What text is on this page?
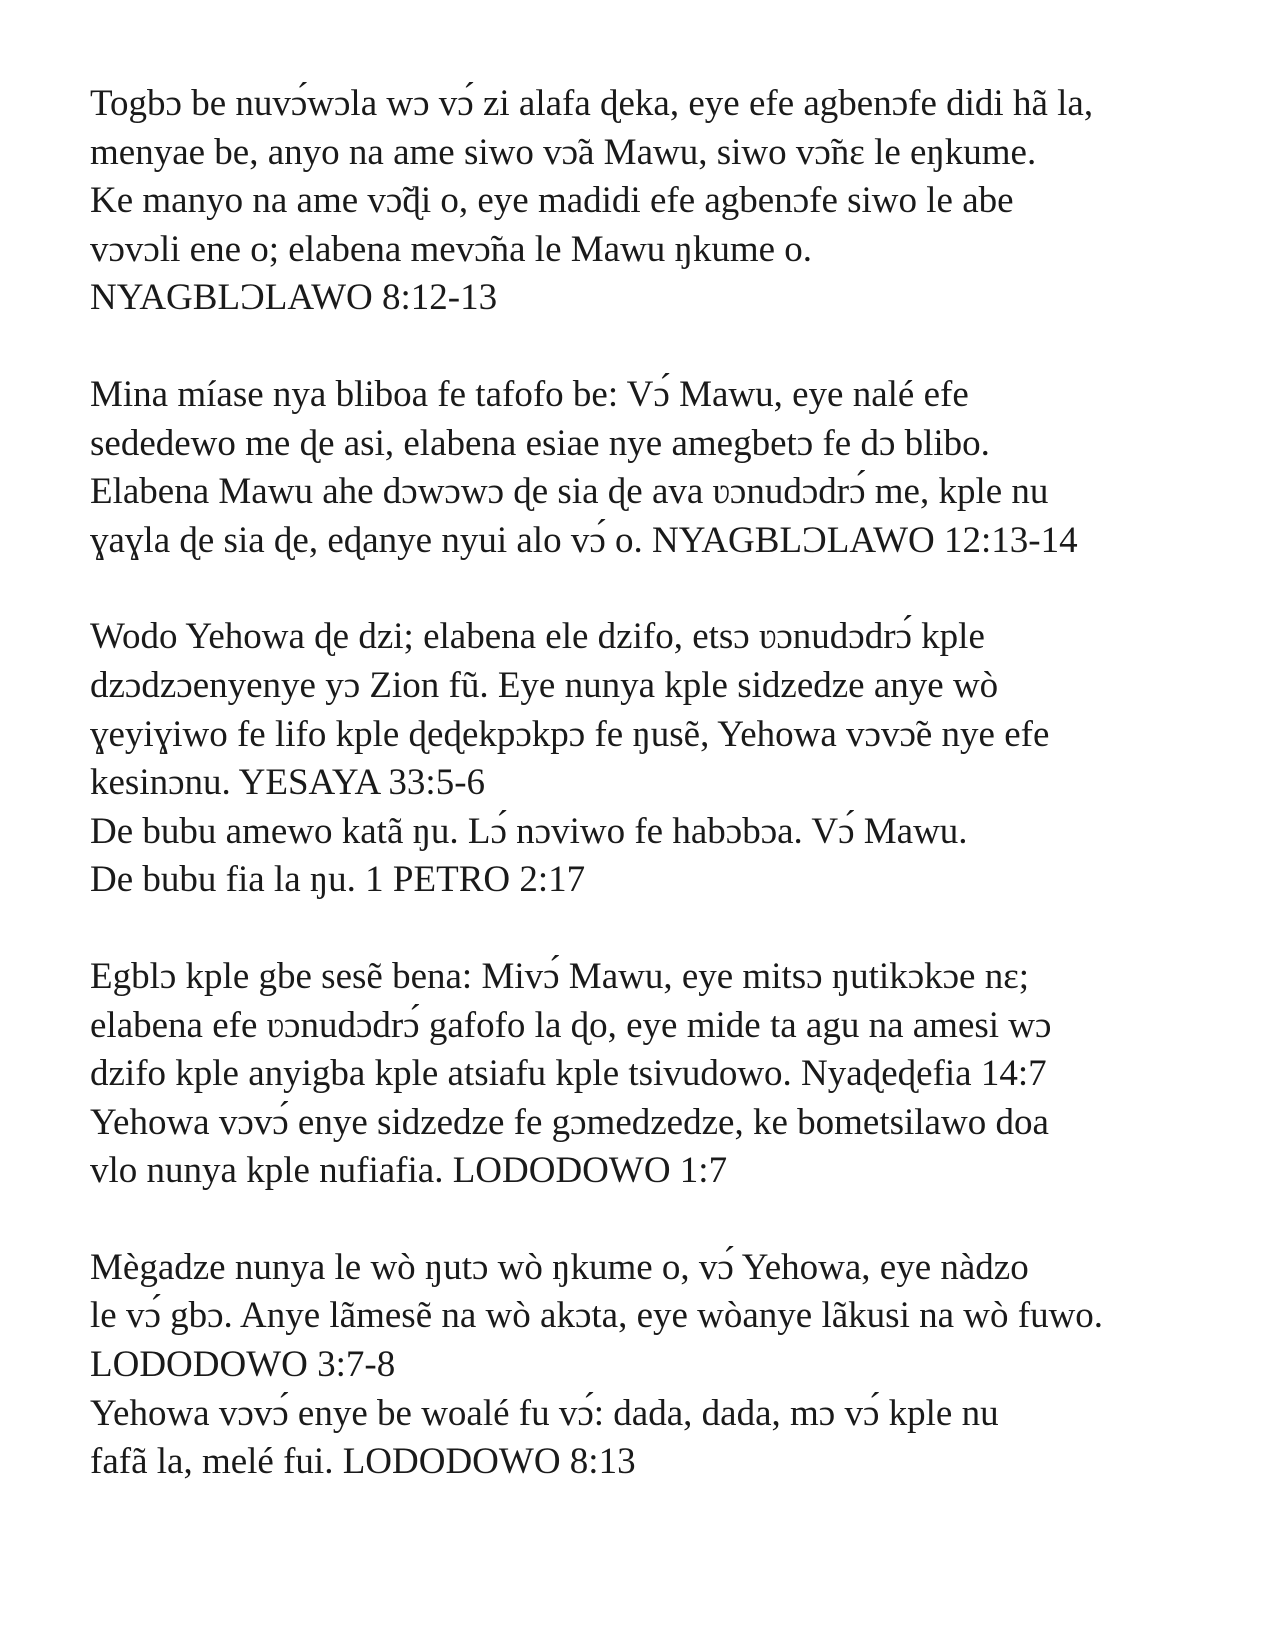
Togbɔ be nuvɔ́wɔla wɔ vɔ́ zi alafa ɖeka, eye efe agbenɔfe didi hã la,
menyae be, anyo na ame siwo vɔ̃a Mawu, siwo vɔ̃nɛ le eŋkume.
Ke manyo na ame vɔ̃ɖi o, eye madidi efe agbenɔfe siwo le abe
vɔvɔli ene o; elabena mevɔ̃na le Mawu ŋkume o.
NYAGBLƆLAWO 8:12-13
Mina míase nya bliboa fe tafofo be: Vɔ́ Mawu, eye nalé efe
sededewo me ɖe asi, elabena esiae nye amegbetɔ fe dɔ blibo.
Elabena Mawu ahe dɔwɔwɔ ɖe sia ɖe ava ʋɔnudɔdrɔ́ me, kple nu
ɣaɣla ɖe sia ɖe, eɖanye nyui alo vɔ́ o. NYAGBLƆLAWO 12:13-14
Wodo Yehowa ɖe dzi; elabena ele dzifo, etsɔ ʋɔnudɔdrɔ́ kple
dzɔdzɔenyenye yɔ Zion fũ. Eye nunya kple sidzedze anye wò
ɣeyiɣiwo fe lifo kple ɖeɖekpɔkpɔ fe ŋusẽ, Yehowa vɔvɔ̃e nye efe
kesinɔnu. YESAYA 33:5-6
De bubu amewo katã ŋu. Lɔ́ nɔviwo fe habɔbɔa. Vɔ́ Mawu.
De bubu fia la ŋu. 1 PETRO 2:17
Egblɔ kple gbe sesẽ bena: Mivɔ́ Mawu, eye mitsɔ ŋutikɔkɔe nɛ;
elabena efe ʋɔnudɔdrɔ́ gafofo la ɖo, eye mide ta agu na amesi wɔ
dzifo kple anyigba kple atsiafu kple tsivudowo. Nyaɖeɖefia 14:7
Yehowa vɔvɔ́ enye sidzedze fe gɔmedzedze, ke bometsilawo doa
vlo nunya kple nufiafia. LODODOWO 1:7
Mègadze nunya le wò ŋutɔ wò ŋkume o, vɔ́ Yehowa, eye nàdzo
le vɔ́ gbɔ. Anye lãmesẽ na wò akɔta, eye wòanye lãkusi na wò fuwo.
LODODOWO 3:7-8
Yehowa vɔvɔ́ enye be woalé fu vɔ́: dada, dada, mɔ vɔ́ kple nu
fafã la, melé fui. LODODOWO 8:13
